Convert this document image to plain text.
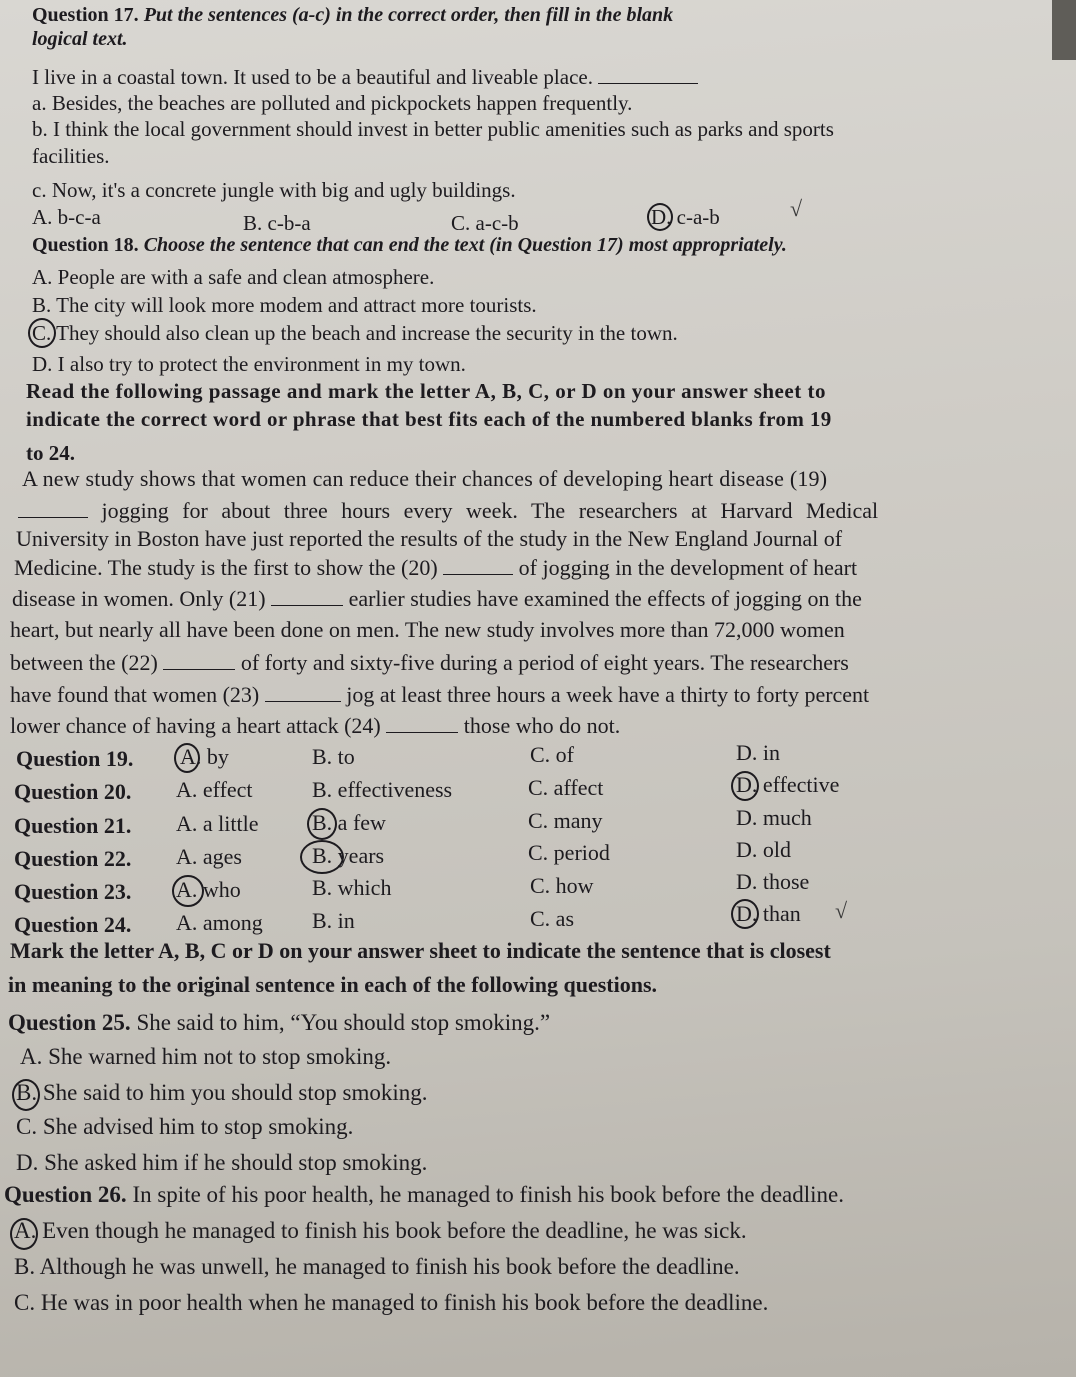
Question 17. Put the sentences (a-c) in the correct order, then fill in the blank
logical text.
I live in a coastal town. It used to be a beautiful and liveable place.
a. Besides, the beaches are polluted and pickpockets happen frequently.
b. I think the local government should invest in better public amenities such as parks and sports
facilities.
c. Now, it's a concrete jungle with big and ugly buildings.
A. b-c-a	B. c-b-a	C. a-c-b	D. c-a-b	√
Question 18. Choose the sentence that can end the text (in Question 17) most appropriately.
A. People are with a safe and clean atmosphere.
B. The city will look more modem and attract more tourists.
C. They should also clean up the beach and increase the security in the town.
D. I also try to protect the environment in my town.
Read the following passage and mark the letter A, B, C, or D on your answer sheet to
indicate the correct word or phrase that best fits each of the numbered blanks from 19
to 24.
A new study shows that women can reduce their chances of developing heart disease (19)
jogging for about three hours every week. The researchers at Harvard Medical
University in Boston have just reported the results of the study in the New England Journal of
Medicine. The study is the first to show the (20)	of jogging in the development of heart
disease in women. Only (21)	earlier studies have examined the effects of jogging on the
heart, but nearly all have been done on men. The new study involves more than 72,000 women
between the (22)	of forty and sixty-five during a period of eight years. The researchers
have found that women (23)	jog at least three hours a week have a thirty to forty percent
lower chance of having a heart attack (24)	those who do not.
Question 19. A. by	B. to	C. of	D. in
Question 20. A. effect	B. effectiveness	C. affect	D. effective
Question 21. A. a little B. a few	C. many	D. much
Question 22. A. ages	B. years	C. period	D. old
Question 23. A. who	B. which	C. how	D. those
Question 24. A. among B. in	C. as	D. than √
Mark the letter A, B, C or D on your answer sheet to indicate the sentence that is closest
in meaning to the original sentence in each of the following questions.
Question 25. She said to him, “You should stop smoking.”
A. She warned him not to stop smoking.
B. She said to him you should stop smoking.
C. She advised him to stop smoking.
D. She asked him if he should stop smoking.
Question 26. In spite of his poor health, he managed to finish his book before the deadline.
A. Even though he managed to finish his book before the deadline, he was sick.
B. Although he was unwell, he managed to finish his book before the deadline.
C. He was in poor health when he managed to finish his book before the deadline.
